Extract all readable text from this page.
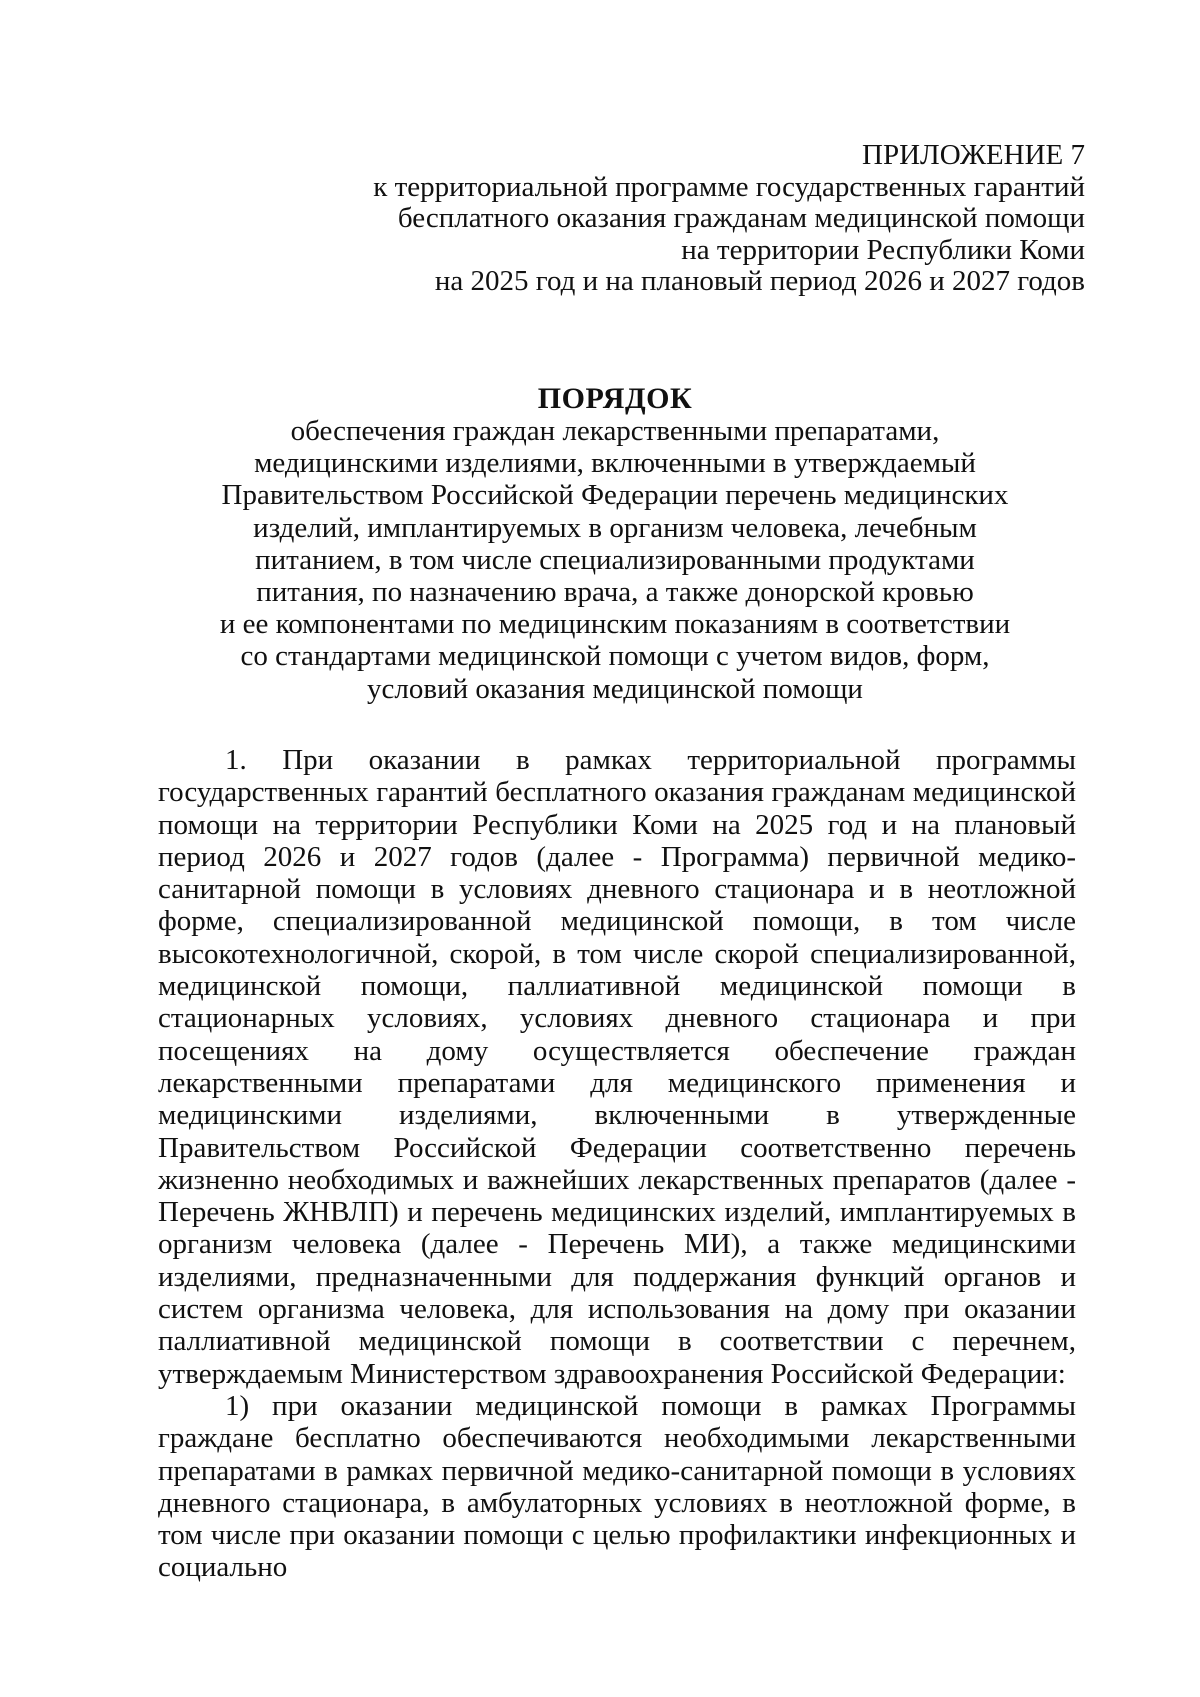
ПРИЛОЖЕНИЕ 7
к территориальной программе государственных гарантий
бесплатного оказания гражданам медицинской помощи
на территории Республики Коми
на 2025 год и на плановый период 2026 и 2027 годов
ПОРЯДОК
обеспечения граждан лекарственными препаратами,
медицинскими изделиями, включенными в утверждаемый
Правительством Российской Федерации перечень медицинских
изделий, имплантируемых в организм человека, лечебным
питанием, в том числе специализированными продуктами
питания, по назначению врача, а также донорской кровью
и ее компонентами по медицинским показаниям в соответствии
со стандартами медицинской помощи с учетом видов, форм,
условий оказания медицинской помощи

1. При оказании в рамках территориальной программы государственных гарантий бесплатного оказания гражданам медицинской помощи на территории Республики Коми на 2025 год и на плановый период 2026 и 2027 годов (далее - Программа) первичной медико-санитарной помощи в условиях дневного стационара и в неотложной форме, специализированной медицинской помощи, в том числе высокотехнологичной, скорой, в том числе скорой специализированной, медицинской помощи, паллиативной медицинской помощи в стационарных условиях, условиях дневного стационара и при посещениях на дому осуществляется обеспечение граждан лекарственными препаратами для медицинского применения и медицинскими изделиями, включенными в утвержденные Правительством Российской Федерации соответственно перечень жизненно необходимых и важнейших лекарственных препаратов (далее - Перечень ЖНВЛП) и перечень медицинских изделий, имплантируемых в организм человека (далее - Перечень МИ), а также медицинскими изделиями, предназначенными для поддержания функций органов и систем организма человека, для использования на дому при оказании паллиативной медицинской помощи в соответствии с перечнем, утверждаемым Министерством здравоохранения Российской Федерации:

1) при оказании медицинской помощи в рамках Программы граждане бесплатно обеспечиваются необходимыми лекарственными препаратами в рамках первичной медико-санитарной помощи в условиях дневного стационара, в амбулаторных условиях в неотложной форме, в том числе при оказании помощи с целью профилактики инфекционных и социально
